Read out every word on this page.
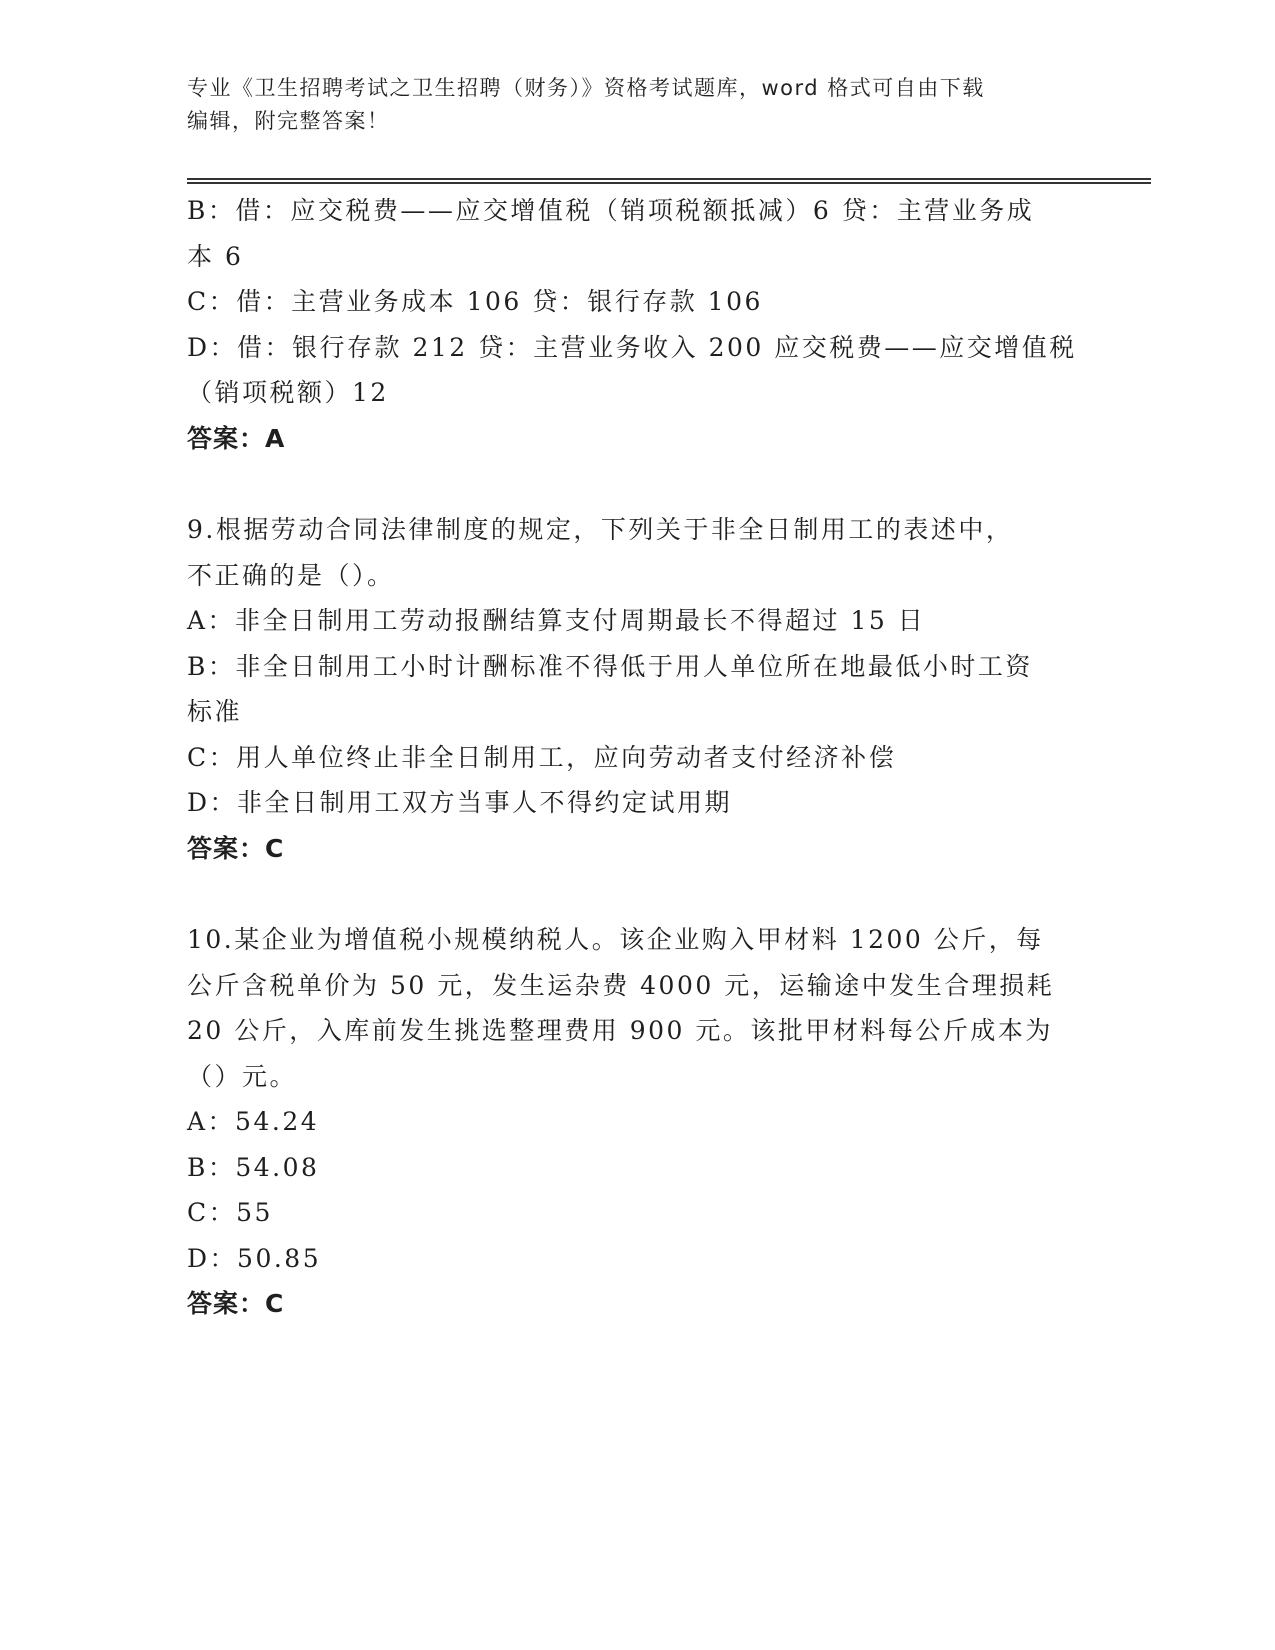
专业《卫生招聘考试之卫生招聘（财务）》资格考试题库，word 格式可自由下载
编辑，附完整答案！
B：借：应交税费——应交增值税（销项税额抵减）6 贷：主营业务成
本 6
C：借：主营业务成本 106 贷：银行存款 106
D：借：银行存款 212 贷：主营业务收入 200 应交税费——应交增值税
（销项税额）12
答案：A
9.根据劳动合同法律制度的规定，下列关于非全日制用工的表述中，
不正确的是（）。
A：非全日制用工劳动报酬结算支付周期最长不得超过 15 日
B：非全日制用工小时计酬标准不得低于用人单位所在地最低小时工资
标准
C：用人单位终止非全日制用工，应向劳动者支付经济补偿
D：非全日制用工双方当事人不得约定试用期
答案：C
10.某企业为增值税小规模纳税人。该企业购入甲材料 1200 公斤，每
公斤含税单价为 50 元，发生运杂费 4000 元，运输途中发生合理损耗
20 公斤，入库前发生挑选整理费用 900 元。该批甲材料每公斤成本为
（）元。
A：54.24
B：54.08
C：55
D：50.85
答案：C
